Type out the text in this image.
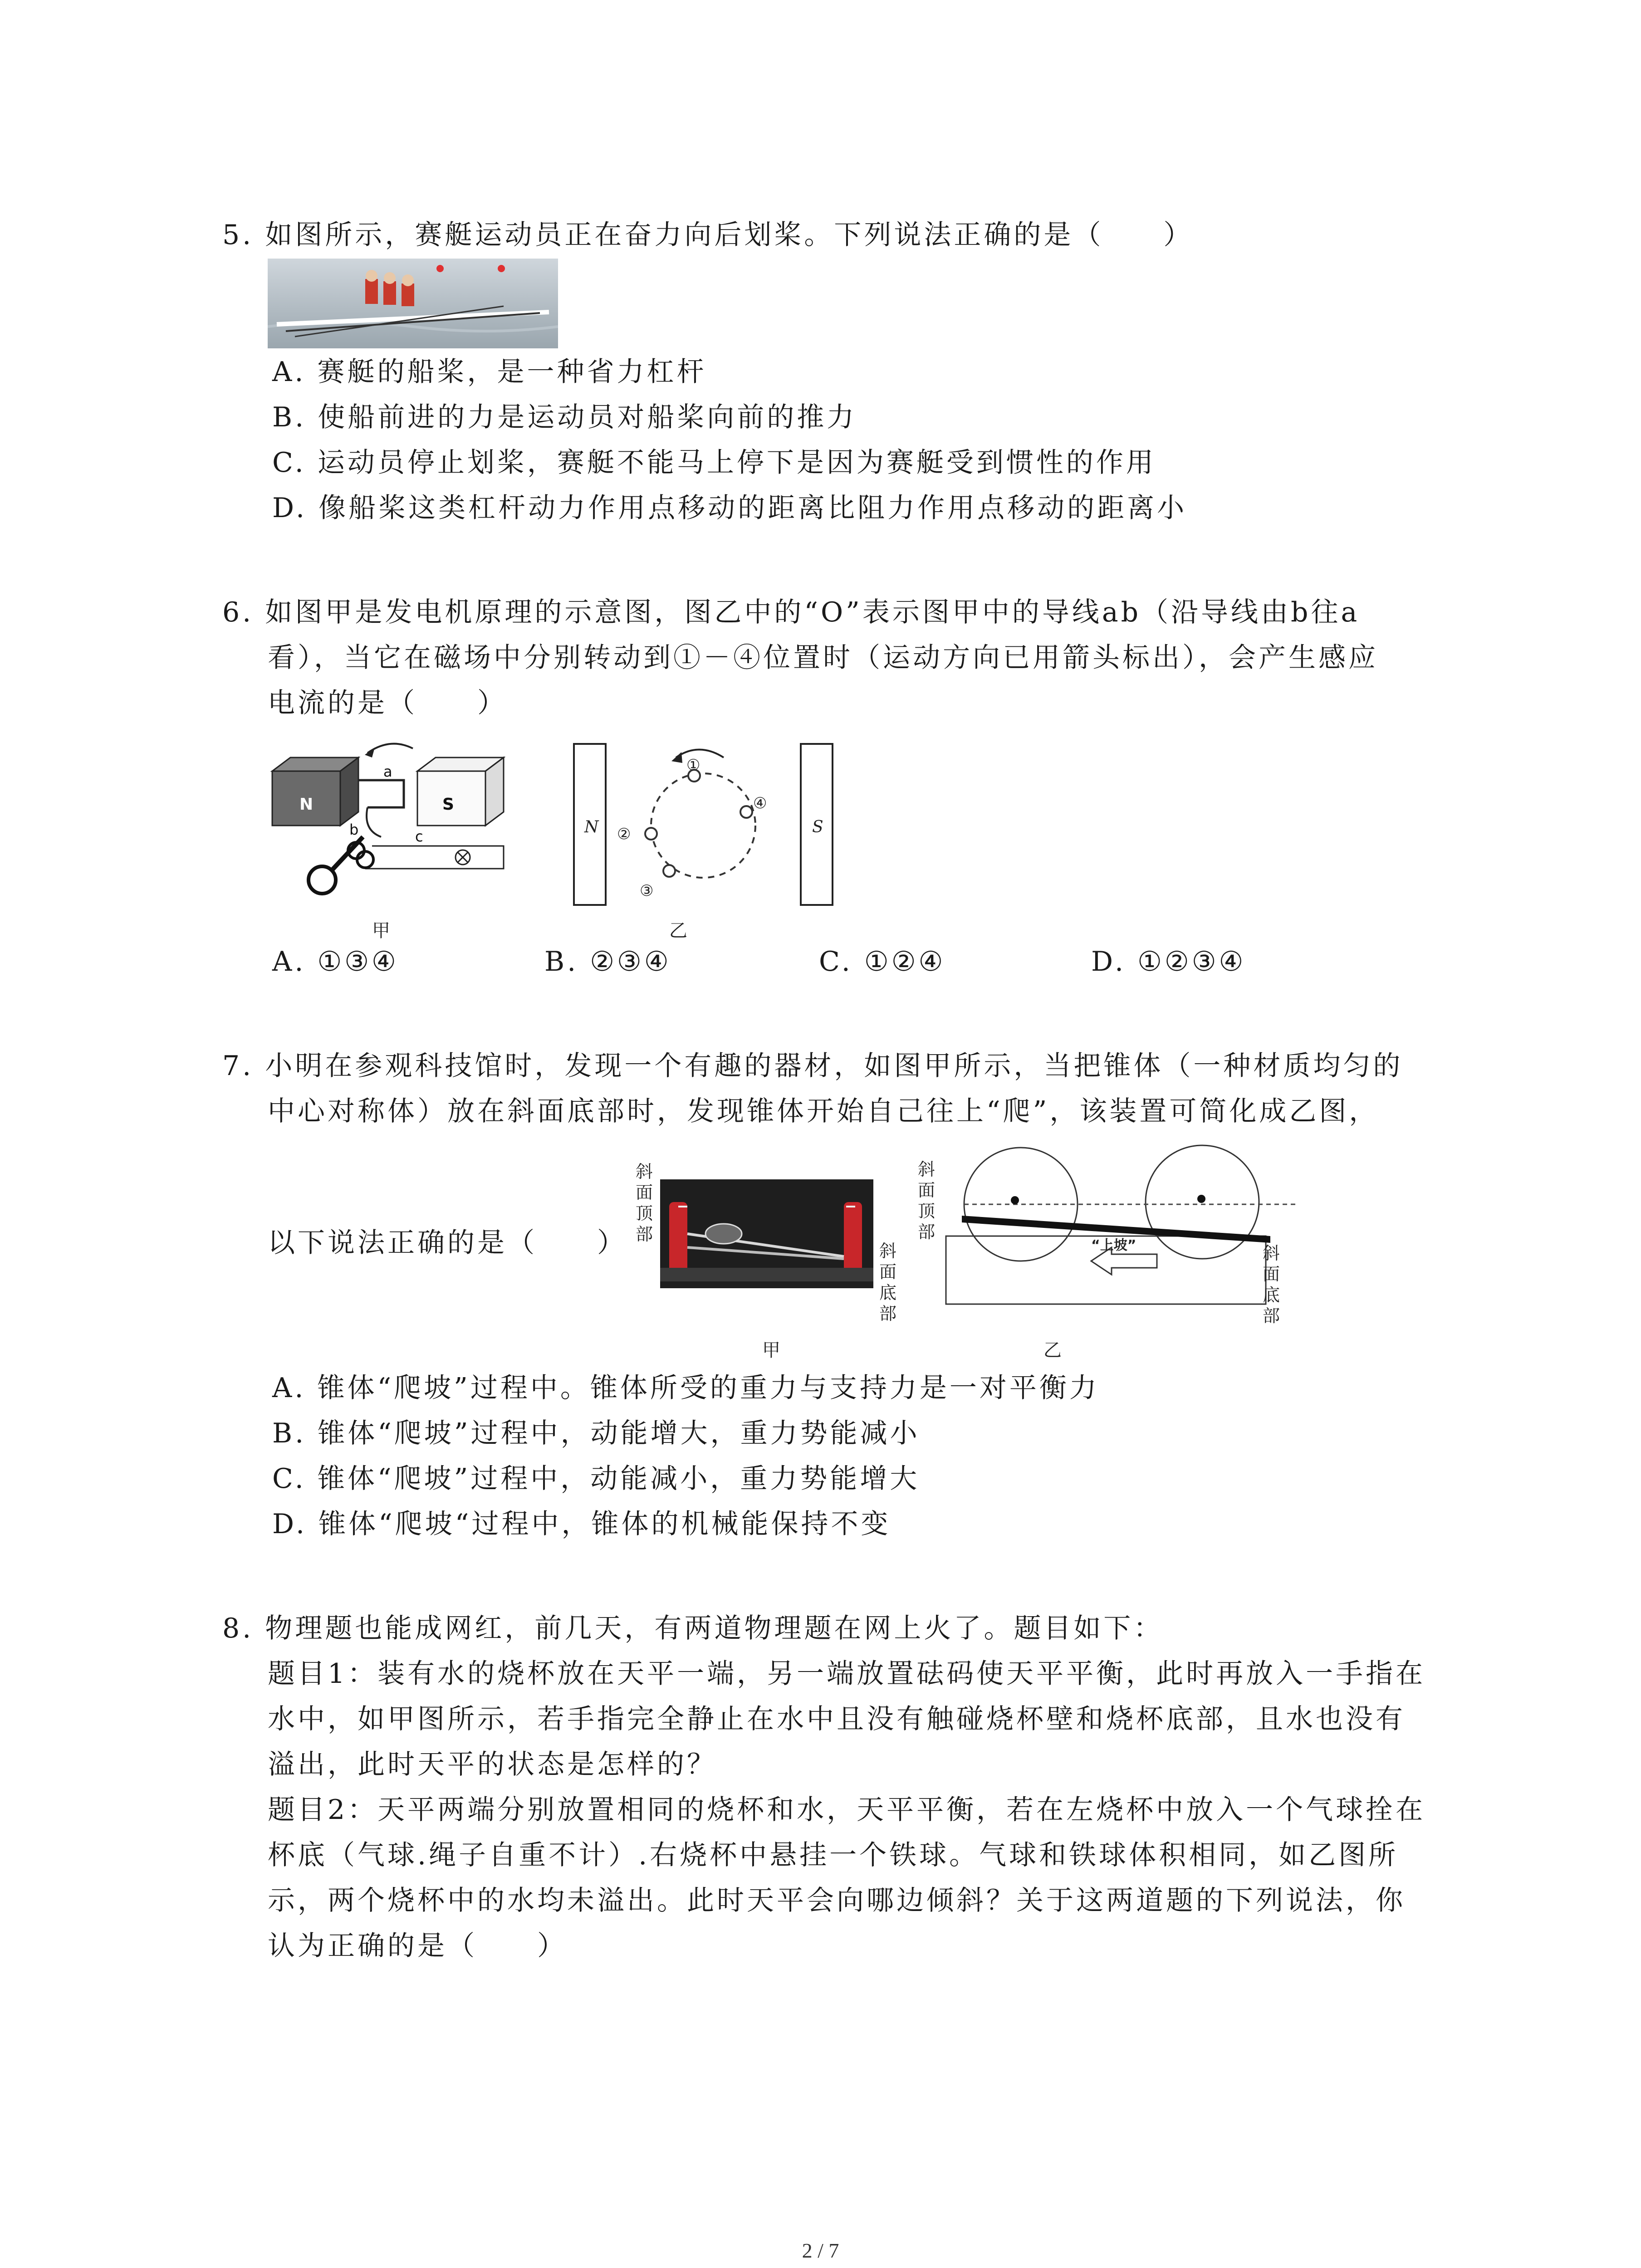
5. 如图所示，赛艇运动员正在奋力向后划桨。下列说法正确的是（　　）
A. 赛艇的船桨，是一种省力杠杆
B. 使船前进的力是运动员对船桨向前的推力
C. 运动员停止划桨，赛艇不能马上停下是因为赛艇受到惯性的作用
D. 像船桨这类杠杆动力作用点移动的距离比阻力作用点移动的距离小
6. 如图甲是发电机原理的示意图，图乙中的“O”表示图甲中的导线ab（沿导线由b往a
看），当它在磁场中分别转动到①－④位置时（运动方向已用箭头标出），会产生感应
电流的是（　　）
N	S
a
b	c
甲
N	S
①
②
③
④
乙
A. ①③④	B. ②③④	C. ①②④	D. ①②③④
7. 小明在参观科技馆时，发现一个有趣的器材，如图甲所示，当把锥体（一种材质均匀的
中心对称体）放在斜面底部时，发现锥体开始自己往上“爬”，该装置可简化成乙图，
以下说法正确的是（　　）
斜面顶部
斜面底部
甲
斜面顶部
“上坡”	斜面底部
乙
A. 锥体“爬坡”过程中。锥体所受的重力与支持力是一对平衡力
B. 锥体“爬坡”过程中，动能增大，重力势能减小
C. 锥体“爬坡”过程中，动能减小，重力势能增大
D. 锥体“爬坡“过程中，锥体的机械能保持不变
8. 物理题也能成网红，前几天，有两道物理题在网上火了。题目如下：
题目1：装有水的烧杯放在天平一端，另一端放置砝码使天平平衡，此时再放入一手指在
水中，如甲图所示，若手指完全静止在水中且没有触碰烧杯壁和烧杯底部，且水也没有
溢出，此时天平的状态是怎样的？
题目2：天平两端分别放置相同的烧杯和水，天平平衡，若在左烧杯中放入一个气球拴在
杯底（气球.绳子自重不计）.右烧杯中悬挂一个铁球。气球和铁球体积相同，如乙图所
示，两个烧杯中的水均未溢出。此时天平会向哪边倾斜？关于这两道题的下列说法，你
认为正确的是（　　）
2 / 7
